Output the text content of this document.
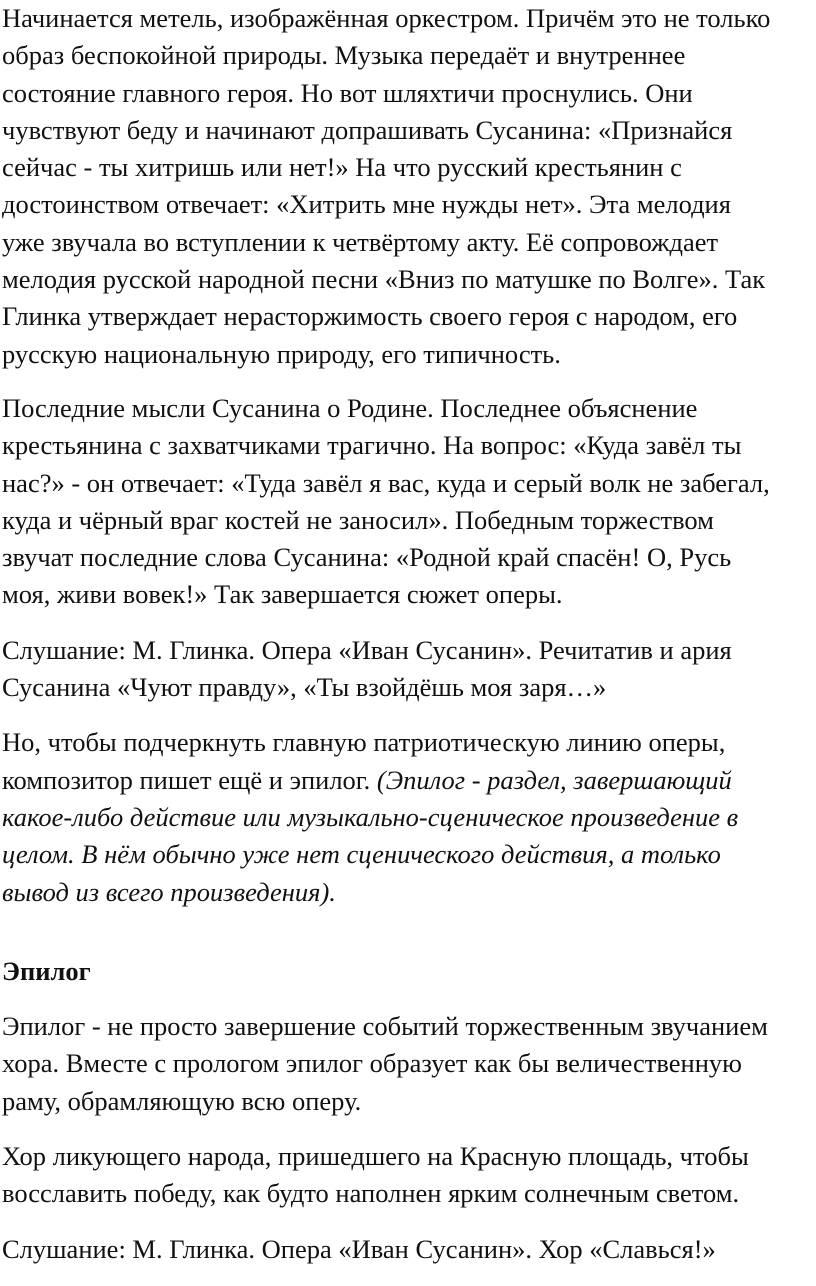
Начинается метель, изображённая оркестром. Причём это не только
образ беспокойной природы. Музыка передаёт и внутреннее
состояние главного героя. Но вот шляхтичи проснулись. Они
чувствуют беду и начинают допрашивать Сусанина: «Признайся
сейчас - ты хитришь или нет!» На что русский крестьянин с
достоинством отвечает: «Хитрить мне нужды нет». Эта мелодия
уже звучала во вступлении к четвёртому акту. Её сопровождает
мелодия русской народной песни «Вниз по матушке по Волге». Так
Глинка утверждает нерасторжимость своего героя с народом, его
русскую национальную природу, его типичность.

Последние мысли Сусанина о Родине. Последнее объяснение
крестьянина с захватчиками трагично. На вопрос: «Куда завёл ты
нас?» - он отвечает: «Туда завёл я вас, куда и серый волк не забегал,
куда и чёрный враг костей не заносил». Победным торжеством
звучат последние слова Сусанина: «Родной край спасён! О, Русь
моя, живи вовек!» Так завершается сюжет оперы.

Слушание: М. Глинка. Опера «Иван Сусанин». Речитатив и ария
Сусанина «Чуют правду», «Ты взойдёшь моя заря…»

Но, чтобы подчеркнуть главную патриотическую линию оперы,
композитор пишет ещё и эпилог. (Эпилог - раздел, завершающий
какое-либо действие или музыкально-сценическое произведение в
целом. В нём обычно уже нет сценического действия, а только
вывод из всего произведения).

Эпилог

Эпилог - не просто завершение событий торжественным звучанием
хора. Вместе с прологом эпилог образует как бы величественную
раму, обрамляющую всю оперу.

Хор ликующего народа, пришедшего на Красную площадь, чтобы
восславить победу, как будто наполнен ярким солнечным светом.

Слушание: М. Глинка. Опера «Иван Сусанин». Хор «Славься!»
